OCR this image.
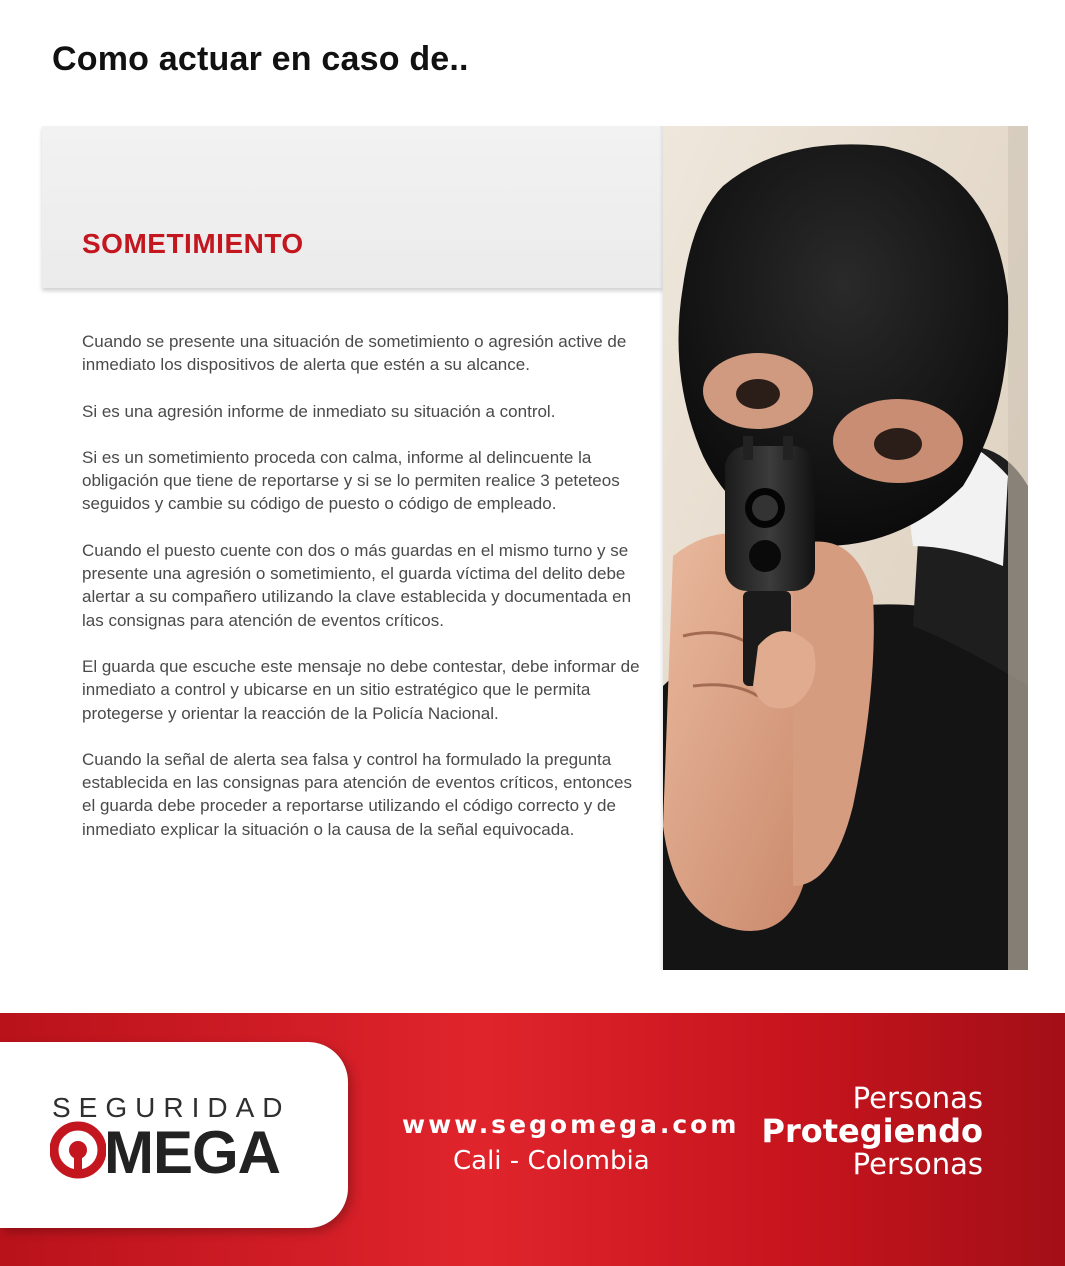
Como actuar en caso de..
SOMETIMIENTO

Cuando se presente una situación de sometimiento o agresión active de inmediato los dispositivos de alerta que estén a su alcance.

Si es una agresión informe de inmediato su situación a control.

Si es un sometimiento proceda con calma, informe al delincuente la obligación que tiene de reportarse y si se lo permiten realice 3 peteteos seguidos y cambie su código de puesto o código de empleado.

Cuando el puesto cuente con dos o más guardas en el mismo turno y se presente una agresión o sometimiento, el guarda víctima del delito debe alertar a su compañero utilizando la clave establecida y documentada en las consignas para atención de eventos críticos.

El guarda que escuche este mensaje no debe contestar, debe informar de inmediato a control y ubicarse en un sitio estratégico que le permita protegerse y orientar la reacción de la Policía Nacional.

Cuando la señal de alerta sea falsa y control ha formulado la pregunta establecida en las consignas para atención de eventos críticos, entonces el guarda debe proceder a reportarse utilizando el código correcto y de inmediato explicar la situación o la causa de la señal equivocada.

SEGURIDAD
MEGA	www.segomega.com
Cali - Colombia
Personas
Protegiendo
Personas
